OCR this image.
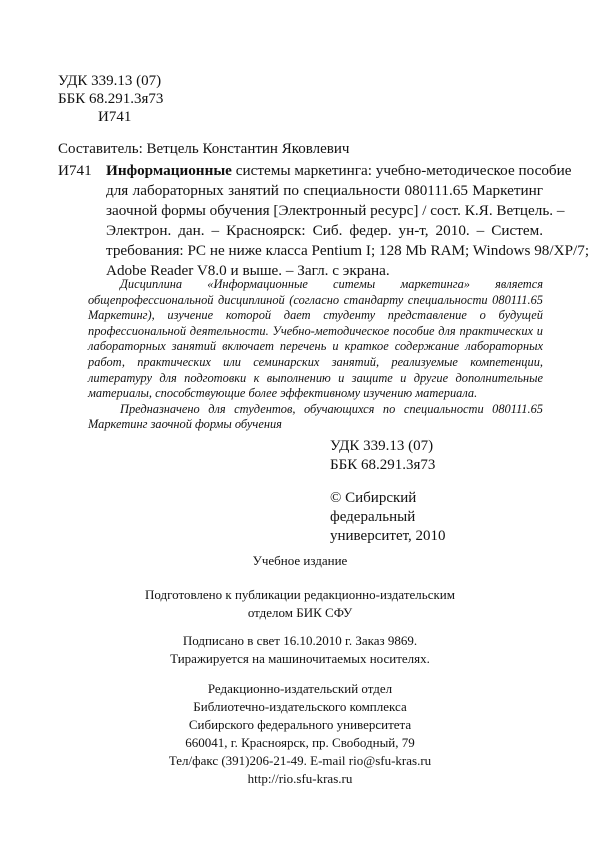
УДК 339.13 (07)
ББК 68.291.3я73
И741
Составитель: Ветцель Константин Яковлевич
И741 Информационные системы маркетинга: учебно-методическое пособие
для лабораторных занятий по специальности 080111.65 Маркетинг
заочной формы обучения [Электронный ресурс] / сост. К.Я. Ветцель. –
Электрон. дан. – Красноярск: Сиб. федер. ун-т, 2010. – Систем.
требования: PC не ниже класса Pentium I; 128 Mb RAM; Windows 98/XP/7;
Adobe Reader V8.0 и выше. – Загл. с экрана.
Дисциплина «Информационные ситемы маркетинга» является
общепрофессиональной дисциплиной (согласно стандарту специальности 080111.65
Маркетинг), изучение которой дает студенту представление о будущей
профессиональной деятельности. Учебно-методическое пособие для практических и
лабораторных занятий включает перечень и краткое содержание лабораторных
работ, практических или семинарских занятий, реализуемые компетенции,
литературу для подготовки к выполнению и защите и другие дополнительные
материалы, способствующие более эффективному изучению материала.
Предназначено для студентов, обучающихся по специальности 080111.65
Маркетинг заочной формы обучения
УДК 339.13 (07)
ББК 68.291.3я73
© Сибирский
федеральный
университет, 2010
Учебное издание
Подготовлено к публикации редакционно-издательским
отделом БИК СФУ
Подписано в свет 16.10.2010 г. Заказ 9869.
Тиражируется на машиночитаемых носителях.
Редакционно-издательский отдел
Библиотечно-издательского комплекса
Сибирского федерального университета
660041, г. Красноярск, пр. Свободный, 79
Тел/факс (391)206-21-49. E-mail rio@sfu-kras.ru
http://rio.sfu-kras.ru
